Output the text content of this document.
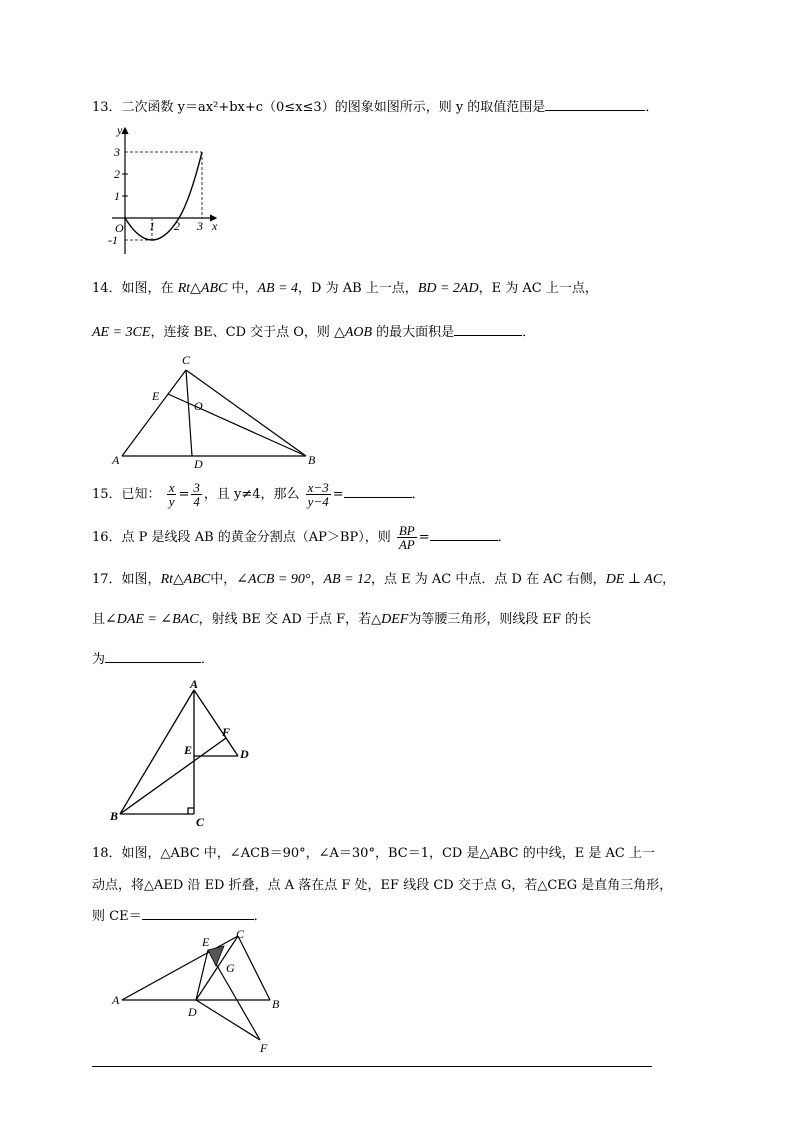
13．二次函数 y＝ax²+bx+c（0≤x≤3）的图象如图所示，则 y 的取值范围是	．
y
x
O
3
2
1
-1
1 2 3
14．如图，在 Rt△ABC 中，AB = 4，D 为 AB 上一点，BD = 2AD，E 为 AC 上一点，
AE = 3CE，连接 BE、CD 交于点 O，则 △AOB 的最大面积是	．
C
E
O
A	D	B
15．已知： $\frac{x}{y} = \frac{3}{4}$ ，且 y≠4，那么 $\frac{x-3}{y-4}$ =	．
16．点 P 是线段 AB 的黄金分割点（AP＞BP），则 $\frac{BP}{AP}$ =	．
17．如图，Rt△ABC中，∠ACB = 90°，AB = 12，点 E 为 AC 中点．点 D 在 AC 右侧，DE ⊥ AC，
且∠DAE = ∠BAC，射线 BE 交 AD 于点 F，若△DEF为等腰三角形，则线段 EF 的长
为	．
A
F
E	D
B	C
18．如图，△ABC 中，∠ACB＝90°，∠A＝30°，BC＝1，CD 是△ABC 的中线，E 是 AC 上一
动点，将△AED 沿 ED 折叠，点 A 落在点 F 处，EF 线段 CD 交于点 G，若△CEG 是直角三角形，
则 CE＝	．
E
C
G
A
D
B
F
